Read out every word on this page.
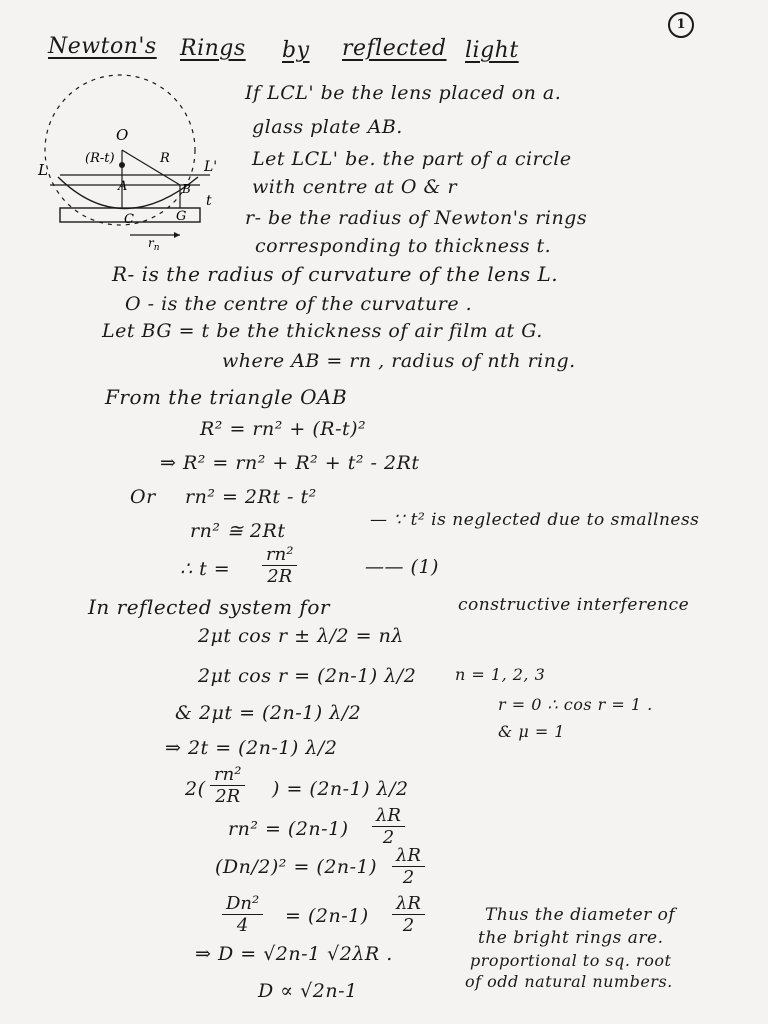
1
Newton's Rings by reflected light
O
(R-t)	R
L	L'
A	B
t
C	G
$r_n$
If LCL' be the lens placed on a.
glass plate AB.
Let LCL' be. the part of a circle
with centre at O & r
r- be the radius of Newton's rings
corresponding to thickness t.
R- is the radius of curvature of the lens L.
O - is the centre of the curvature .
Let BG = t be the thickness of air film at G.
where AB = rn , radius of nth ring.
From the triangle OAB
R² = rn² + (R-t)²
⇒ R² = rn² + R² + t² - 2Rt
Or rn² = 2Rt - t²
rn² ≅ 2Rt	— ∵ t² is neglected due to smallness
∴ $t = \frac{\text{rn²}}{2R}$	—— (1)
In reflected system for	constructive interference
2μt cos r ± λ/2 = nλ
2μt cos r = (2n-1) λ/2 n = 1, 2, 3
r = 0 ∴ cos r = 1 .
& μ = 1
& 2μt = (2n-1) λ/2
⇒ 2t = (2n-1) λ/2
$2( \frac{\text{rn²}}{2R}$ ) = (2n-1) λ/2
$rn^2 = (2n-1) \frac{\lambda R}{2}$
$(Dn/2)^2 = (2n-1) \frac{\lambda R}{2}$
$\frac{\text{Dn²}}{4} = (2n-1) \frac{\lambda R}{2}$
⇒ D = √2n-1 √2λR .
D ∝ √2n-1
Thus the diameter of
the bright rings are.
proportional to sq. root
of odd natural numbers.
